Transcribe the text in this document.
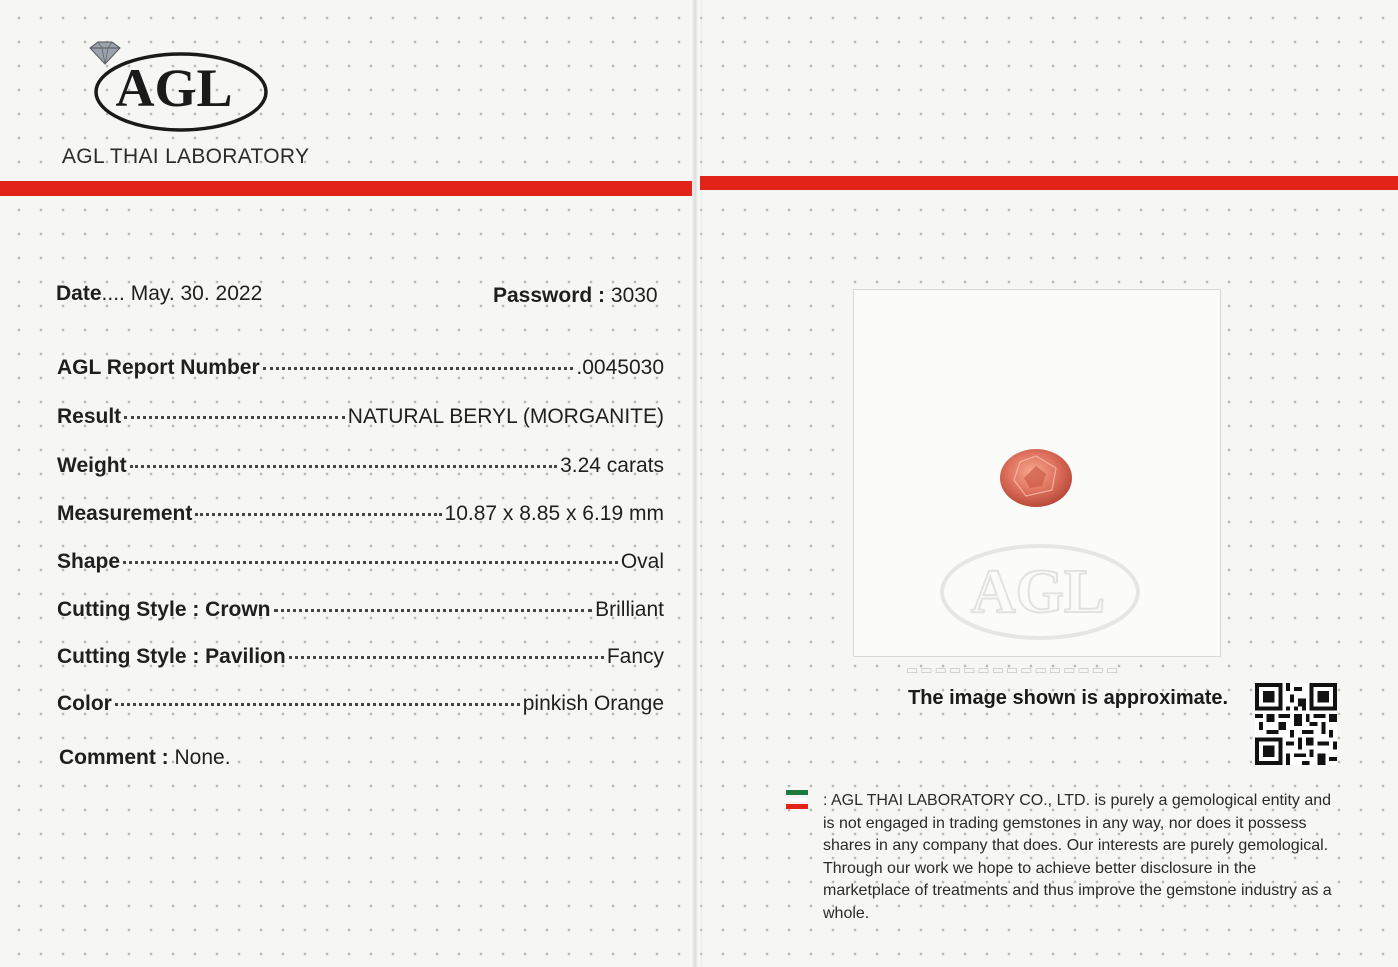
AGL
AGL THAI LABORATORY
Date.... May. 30. 2022	Password : 3030
AGL Report Number	.0045030
Result	NATURAL BERYL (MORGANITE)
Weight	3.24 carats
Measurement	10.87 x 8.85 x 6.19 mm
Shape	Oval
Cutting Style : Crown	Brilliant
Cutting Style : Pavilion	Fancy
Color	pinkish Orange
Comment : None.
AGL
▭▭▭▭▭▭▭▭▭▭▭▭▭▭▭
The image shown is approximate.
: AGL THAI LABORATORY CO., LTD. is purely a gemological entity and is not engaged in trading gemstones in any way, nor does it possess shares in any company that does. Our interests are purely gemological. Through our work we hope to achieve better disclosure in the marketplace of treatments and thus improve the gemstone industry as a whole.
